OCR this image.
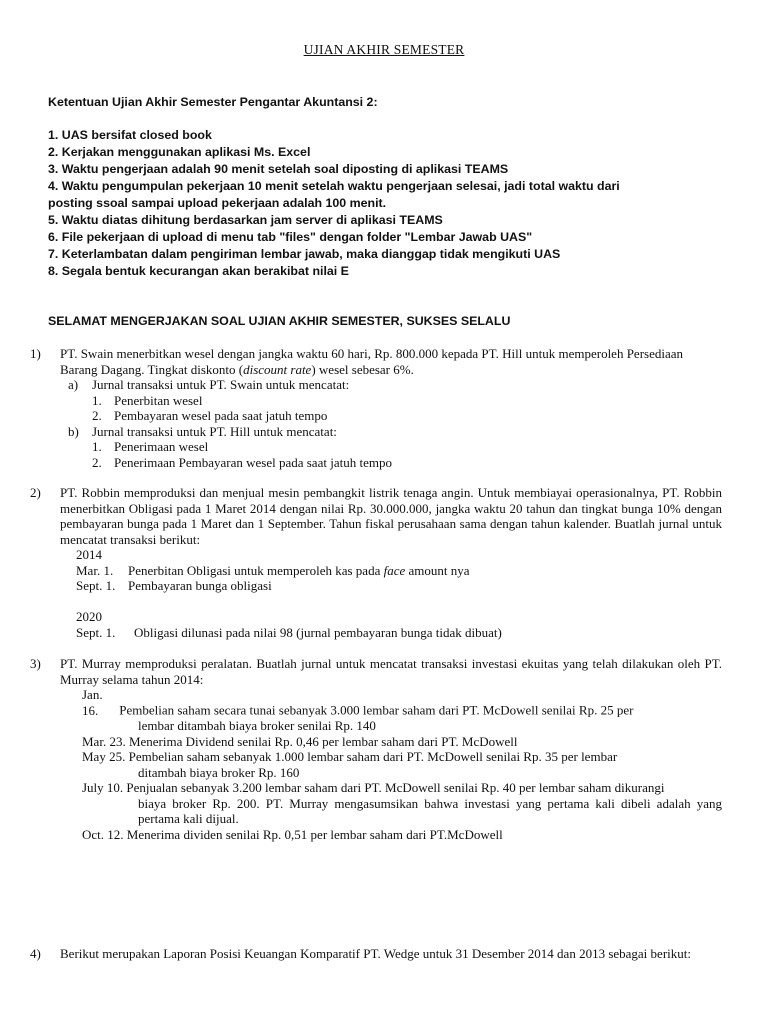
UJIAN AKHIR SEMESTER
Ketentuan Ujian Akhir Semester Pengantar Akuntansi 2:
1. UAS bersifat closed book
2. Kerjakan menggunakan aplikasi Ms. Excel
3. Waktu pengerjaan adalah 90 menit setelah soal diposting di aplikasi TEAMS
4. Waktu pengumpulan pekerjaan 10 menit setelah waktu pengerjaan selesai, jadi total waktu dari
posting ssoal sampai upload pekerjaan adalah 100 menit.
5. Waktu diatas dihitung berdasarkan jam server di aplikasi TEAMS
6. File pekerjaan di upload di menu tab "files" dengan folder "Lembar Jawab UAS"
7. Keterlambatan dalam pengiriman lembar jawab, maka dianggap tidak mengikuti UAS
8. Segala bentuk kecurangan akan berakibat nilai E
SELAMAT MENGERJAKAN SOAL UJIAN AKHIR SEMESTER, SUKSES SELALU
1) PT. Swain menerbitkan wesel dengan jangka waktu 60 hari, Rp. 800.000 kepada PT. Hill untuk memperoleh Persediaan Barang Dagang. Tingkat diskonto (discount rate) wesel sebesar 6%.
a) Jurnal transaksi untuk PT. Swain untuk mencatat:
1. Penerbitan wesel
2. Pembayaran wesel pada saat jatuh tempo
b) Jurnal transaksi untuk PT. Hill untuk mencatat:
1. Penerimaan wesel
2. Penerimaan Pembayaran wesel pada saat jatuh tempo
2) PT. Robbin memproduksi dan menjual mesin pembangkit listrik tenaga angin. Untuk membiayai operasionalnya, PT. Robbin menerbitkan Obligasi pada 1 Maret 2014 dengan nilai Rp. 30.000.000, jangka waktu 20 tahun dan tingkat bunga 10% dengan pembayaran bunga pada 1 Maret dan 1 September. Tahun fiskal perusahaan sama dengan tahun kalender. Buatlah jurnal untuk mencatat transaksi berikut:
2014
Mar. 1. Penerbitan Obligasi untuk memperoleh kas pada face amount nya
Sept. 1. Pembayaran bunga obligasi
2020
Sept. 1. Obligasi dilunasi pada nilai 98 (jurnal pembayaran bunga tidak dibuat)
3) PT. Murray memproduksi peralatan. Buatlah jurnal untuk mencatat transaksi investasi ekuitas yang telah dilakukan oleh PT. Murray selama tahun 2014:
Jan. 16. Pembelian saham secara tunai sebanyak 3.000 lembar saham dari PT. McDowell senilai Rp. 25 per
lembar ditambah biaya broker senilai Rp. 140
Mar. 23. Menerima Dividend senilai Rp. 0,46 per lembar saham dari PT. McDowell
May 25. Pembelian saham sebanyak 1.000 lembar saham dari PT. McDowell senilai Rp. 35 per lembar
ditambah biaya broker Rp. 160
July 10. Penjualan sebanyak 3.200 lembar saham dari PT. McDowell senilai Rp. 40 per lembar saham dikurangi
biaya broker Rp. 200. PT. Murray mengasumsikan bahwa investasi yang pertama kali dibeli adalah yang pertama kali dijual.
Oct. 12. Menerima dividen senilai Rp. 0,51 per lembar saham dari PT.McDowell
4) Berikut merupakan Laporan Posisi Keuangan Komparatif PT. Wedge untuk 31 Desember 2014 dan 2013 sebagai berikut:
